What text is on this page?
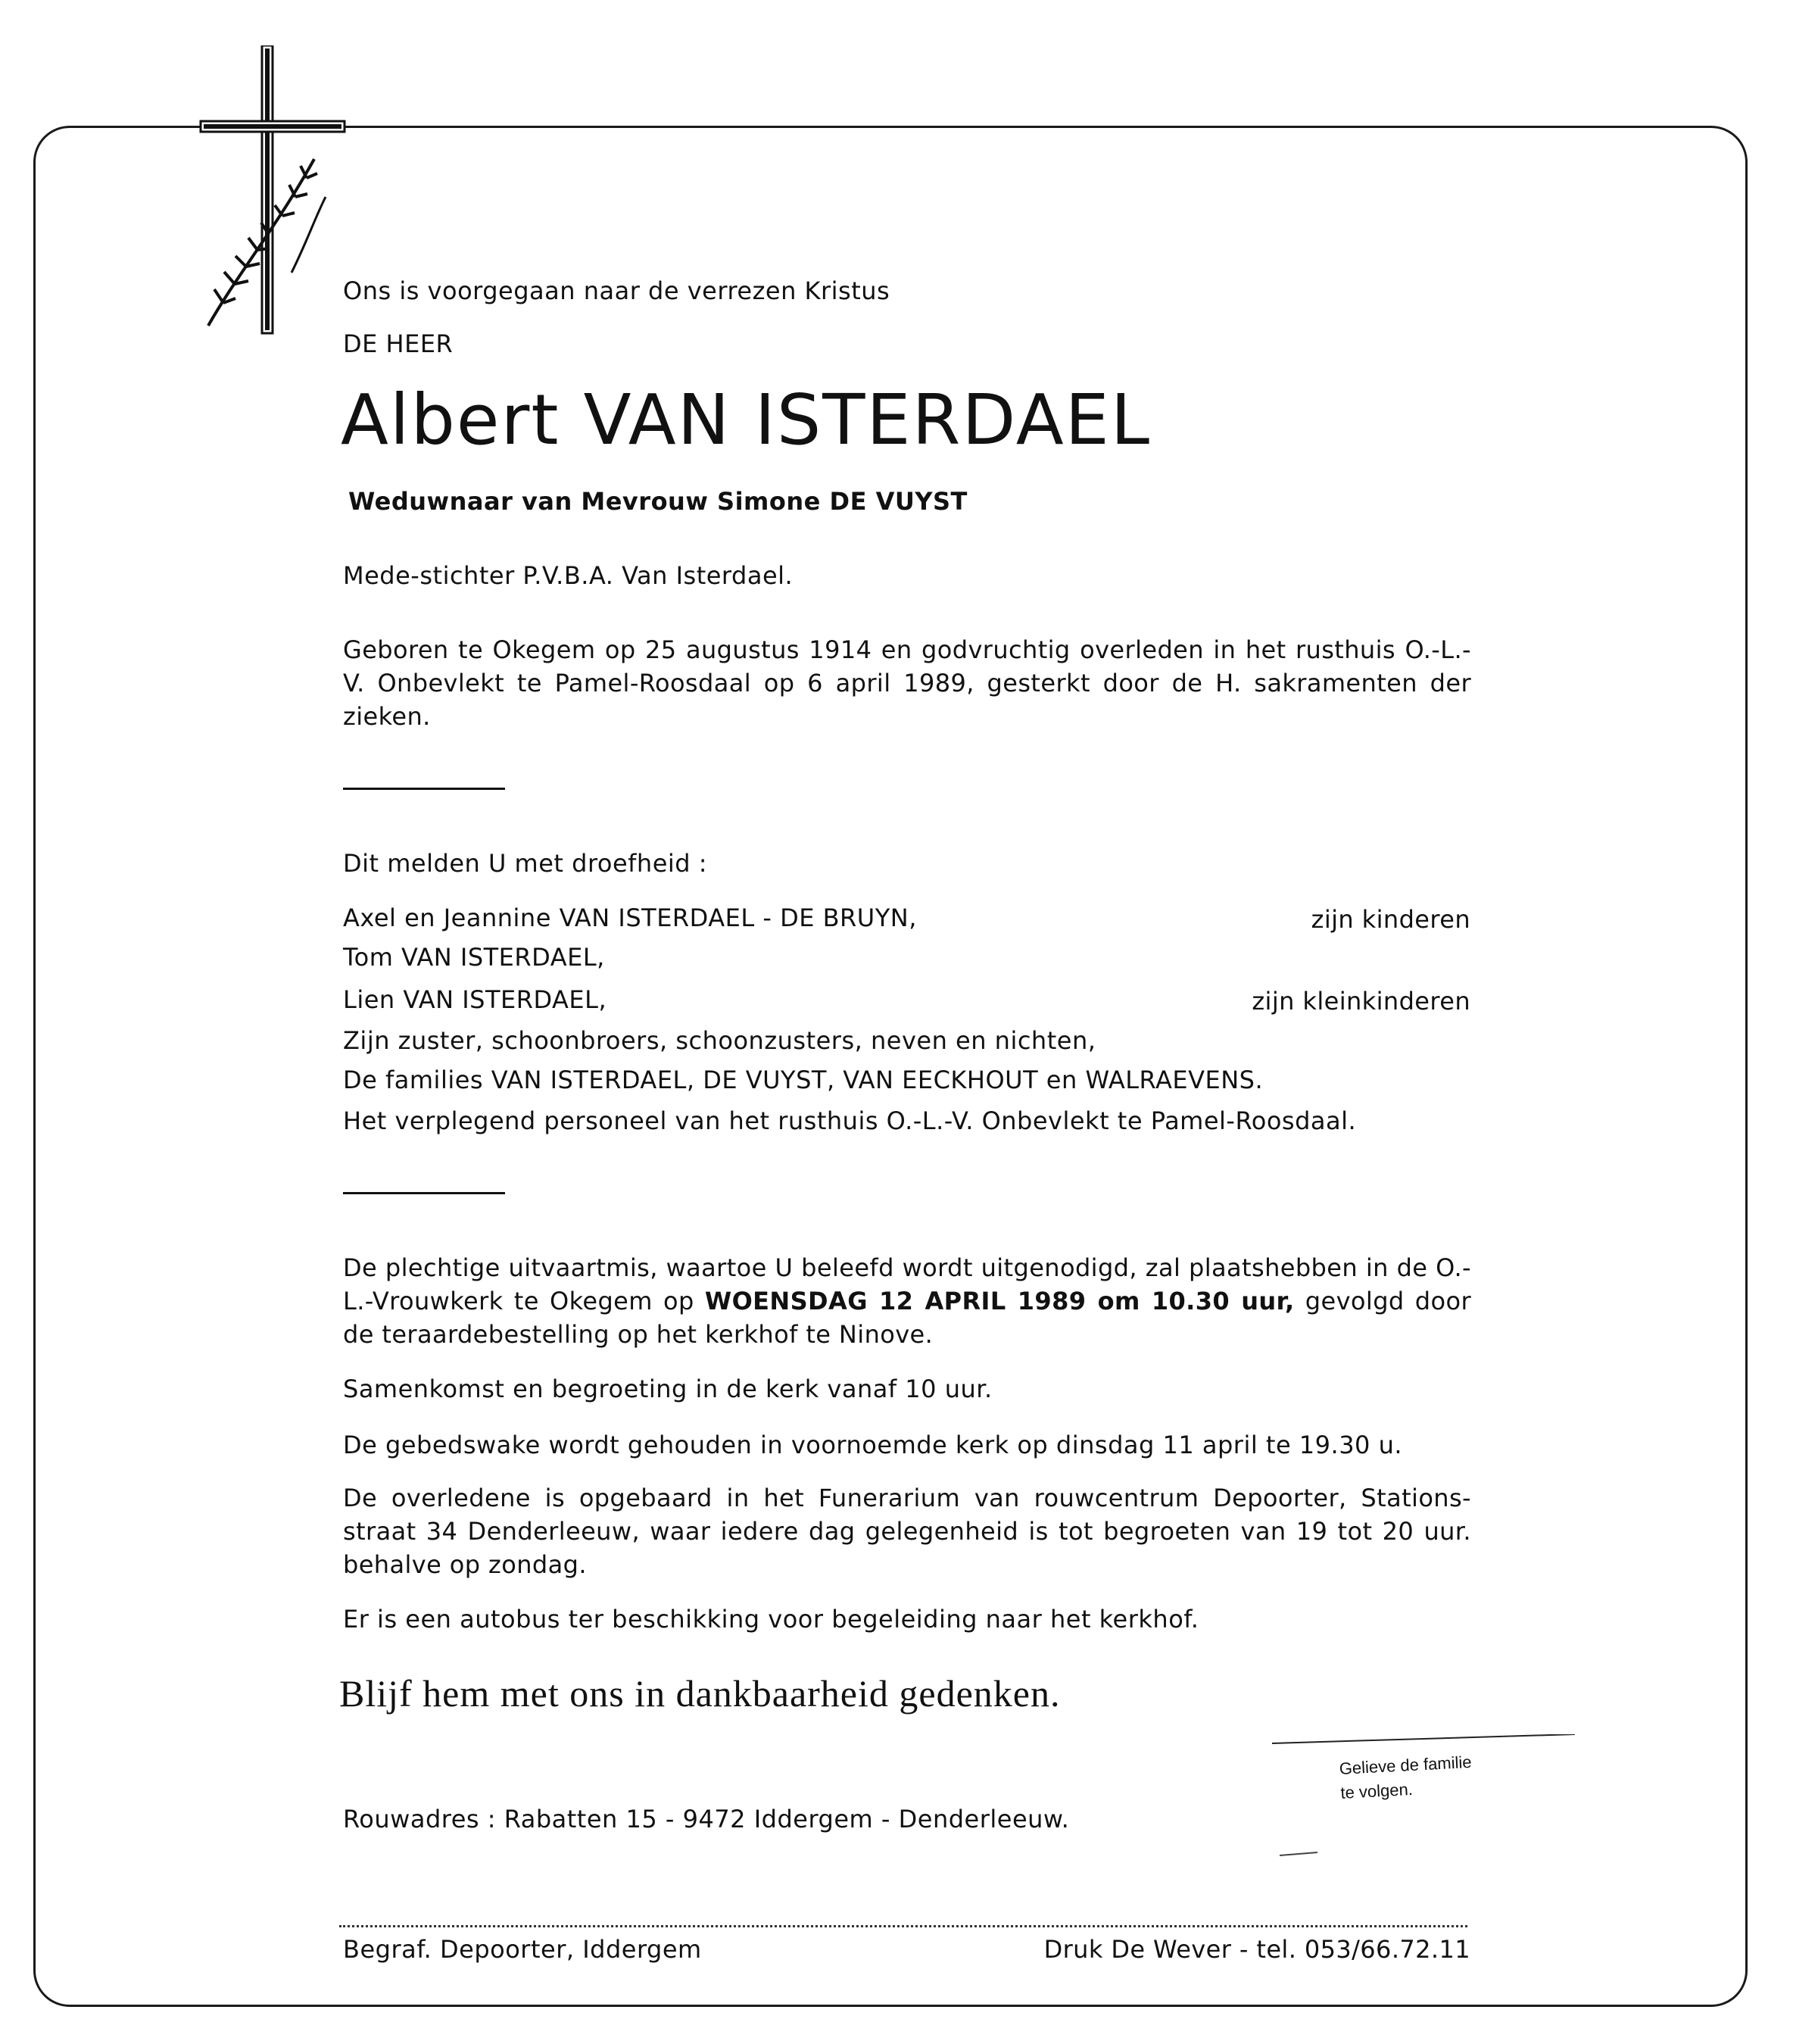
Ons is voorgegaan naar de verrezen Kristus
DE HEER
Albert VAN ISTERDAEL
Weduwnaar van Mevrouw Simone DE VUYST
Mede-stichter P.V.B.A. Van Isterdael.
Geboren te Okegem op 25 augustus 1914 en godvruchtig overleden in het rusthuis O.-L.-V. Onbevlekt te Pamel-Roosdaal op 6 april 1989, gesterkt door de H. sakramenten der zieken.
Dit melden U met droefheid :
Axel en Jeannine VAN ISTERDAEL - DE BRUYN,	zijn kinderen
Tom VAN ISTERDAEL,
Lien VAN ISTERDAEL,	zijn kleinkinderen
Zijn zuster, schoonbroers, schoonzusters, neven en nichten,
De families VAN ISTERDAEL, DE VUYST, VAN EECKHOUT en WALRAEVENS.
Het verplegend personeel van het rusthuis O.-L.-V. Onbevlekt te Pamel-Roosdaal.
De plechtige uitvaartmis, waartoe U beleefd wordt uitgenodigd, zal plaatshebben in de O.-L.-Vrouwkerk te Okegem op WOENSDAG 12 APRIL 1989 om 10.30 uur, gevolgd door de teraardebestelling op het kerkhof te Ninove.
Samenkomst en begroeting in de kerk vanaf 10 uur.
De gebedswake wordt gehouden in voornoemde kerk op dinsdag 11 april te 19.30 u.
De overledene is opgebaard in het Funerarium van rouwcentrum Depoorter, Stations-straat 34 Denderleeuw, waar iedere dag gelegenheid is tot begroeten van 19 tot 20 uur. behalve op zondag.
Er is een autobus ter beschikking voor begeleiding naar het kerkhof.
Blijf hem met ons in dankbaarheid gedenken.
Gelieve de familie
te volgen.
Rouwadres : Rabatten 15 - 9472 Iddergem - Denderleeuw.
Begraf. Depoorter, Iddergem	Druk De Wever - tel. 053/66.72.11
